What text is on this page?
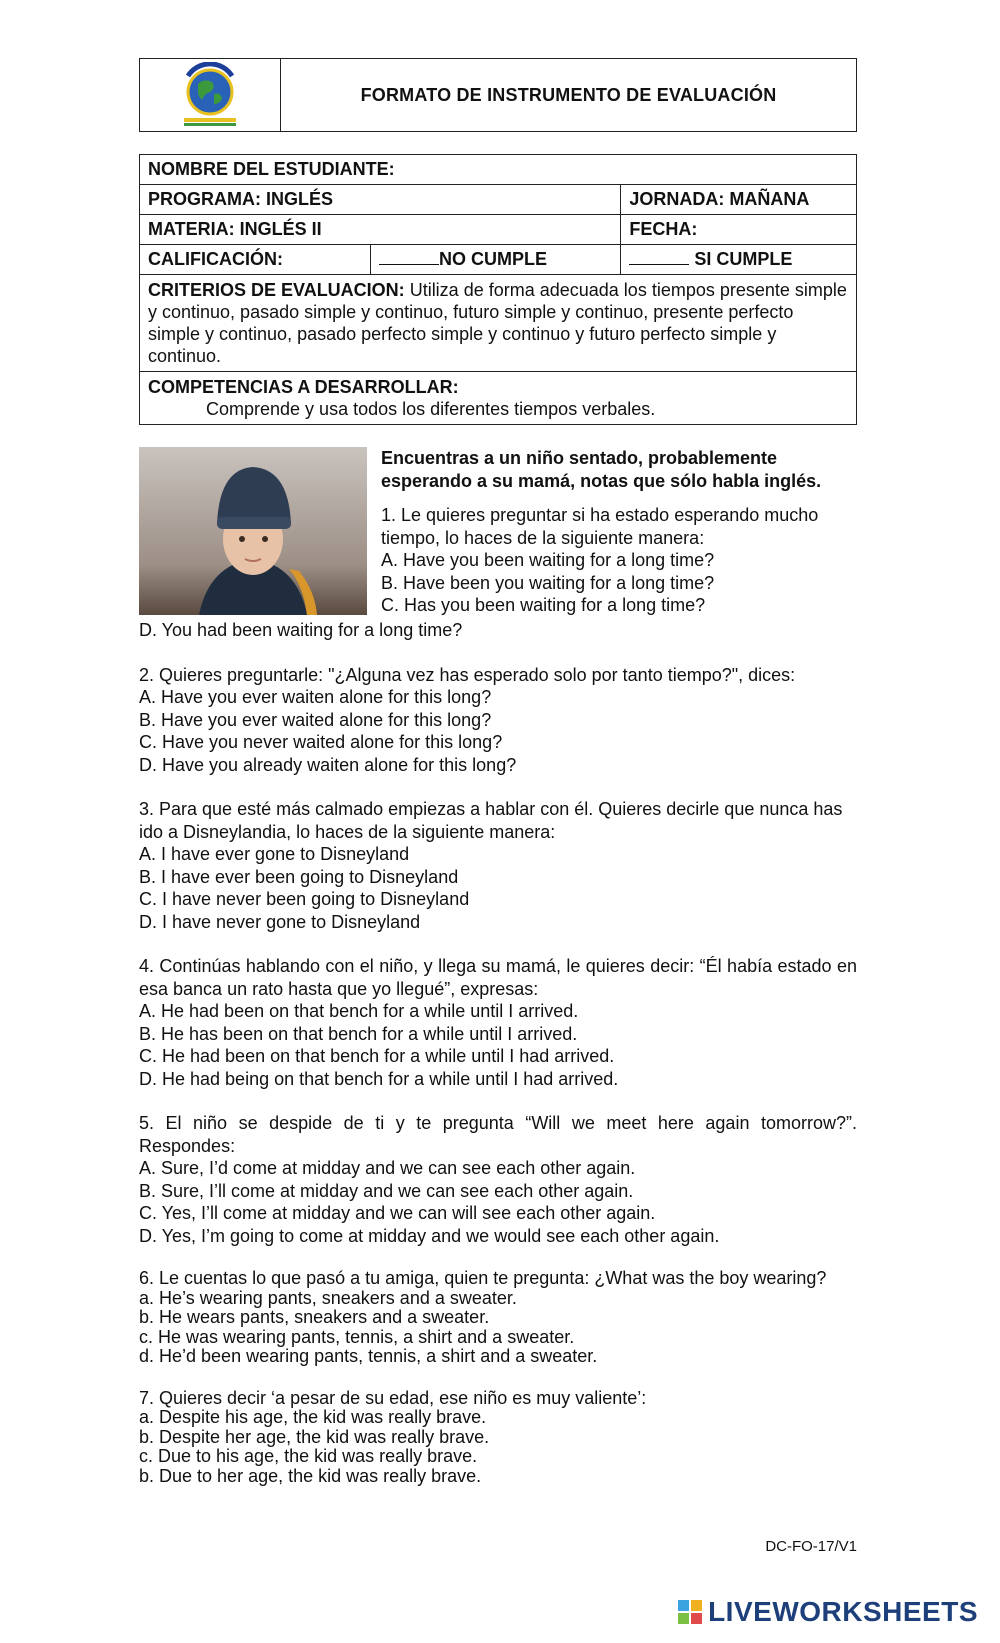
FORMATO DE INSTRUMENTO DE EVALUACIÓN
NOMBRE DEL ESTUDIANTE:		
PROGRAMA: INGLÉS		JORNADA: MAÑANA
MATERIA: INGLÉS II		FECHA:
CALIFICACIÓN:	NO CUMPLE	SI CUMPLE
CRITERIOS DE EVALUACION: Utiliza de forma adecuada los tiempos presente simple y continuo, pasado simple y continuo, futuro simple y continuo, presente perfecto simple y continuo, pasado perfecto simple y continuo y futuro perfecto simple y continuo.		
COMPETENCIAS A DESARROLLAR:
Comprende y usa todos los diferentes tiempos verbales.		
Encuentras a un niño sentado, probablemente esperando a su mamá, notas que sólo habla inglés.

1. Le quieres preguntar si ha estado esperando mucho tiempo, lo haces de la siguiente manera:

A. Have you been waiting for a long time?

B. Have been you waiting for a long time?

C. Has you been waiting for a long time?

D. You had been waiting for a long time?

2. Quieres preguntarle: "¿Alguna vez has esperado solo por tanto tiempo?", dices:

A. Have you ever waiten alone for this long?

B. Have you ever waited alone for this long?

C. Have you never waited alone for this long?

D. Have you already waiten alone for this long?

3. Para que esté más calmado empiezas a hablar con él. Quieres decirle que nunca has ido a Disneylandia, lo haces de la siguiente manera:

A. I have ever gone to Disneyland

B. I have ever been going to Disneyland

C. I have never been going to Disneyland

D. I have never gone to Disneyland

4. Continúas hablando con el niño, y llega su mamá, le quieres decir: “Él había estado en esa banca un rato hasta que yo llegué”, expresas:

A. He had been on that bench for a while until I arrived.

B. He has been on that bench for a while until I arrived.

C. He had been on that bench for a while until I had arrived.

D. He had being on that bench for a while until I had arrived.

5. El niño se despide de ti y te pregunta “Will we meet here again tomorrow?”. Respondes:

A. Sure, I’d come at midday and we can see each other again.

B. Sure, I’ll come at midday and we can see each other again.

C. Yes, I’ll come at midday and we can will see each other again.

D. Yes, I’m going to come at midday and we would see each other again.

6. Le cuentas lo que pasó a tu amiga, quien te pregunta: ¿What was the boy wearing?

a. He’s wearing pants, sneakers and a sweater.

b. He wears pants, sneakers and a sweater.

c. He was wearing pants, tennis, a shirt and a sweater.

d. He’d been wearing pants, tennis, a shirt and a sweater.

7. Quieres decir ‘a pesar de su edad, ese niño es muy valiente’:

a. Despite his age, the kid was really brave.

b. Despite her age, the kid was really brave.

c. Due to his age, the kid was really brave.

b. Due to her age, the kid was really brave.

DC-FO-17/V1
LIVEWORKSHEETS
